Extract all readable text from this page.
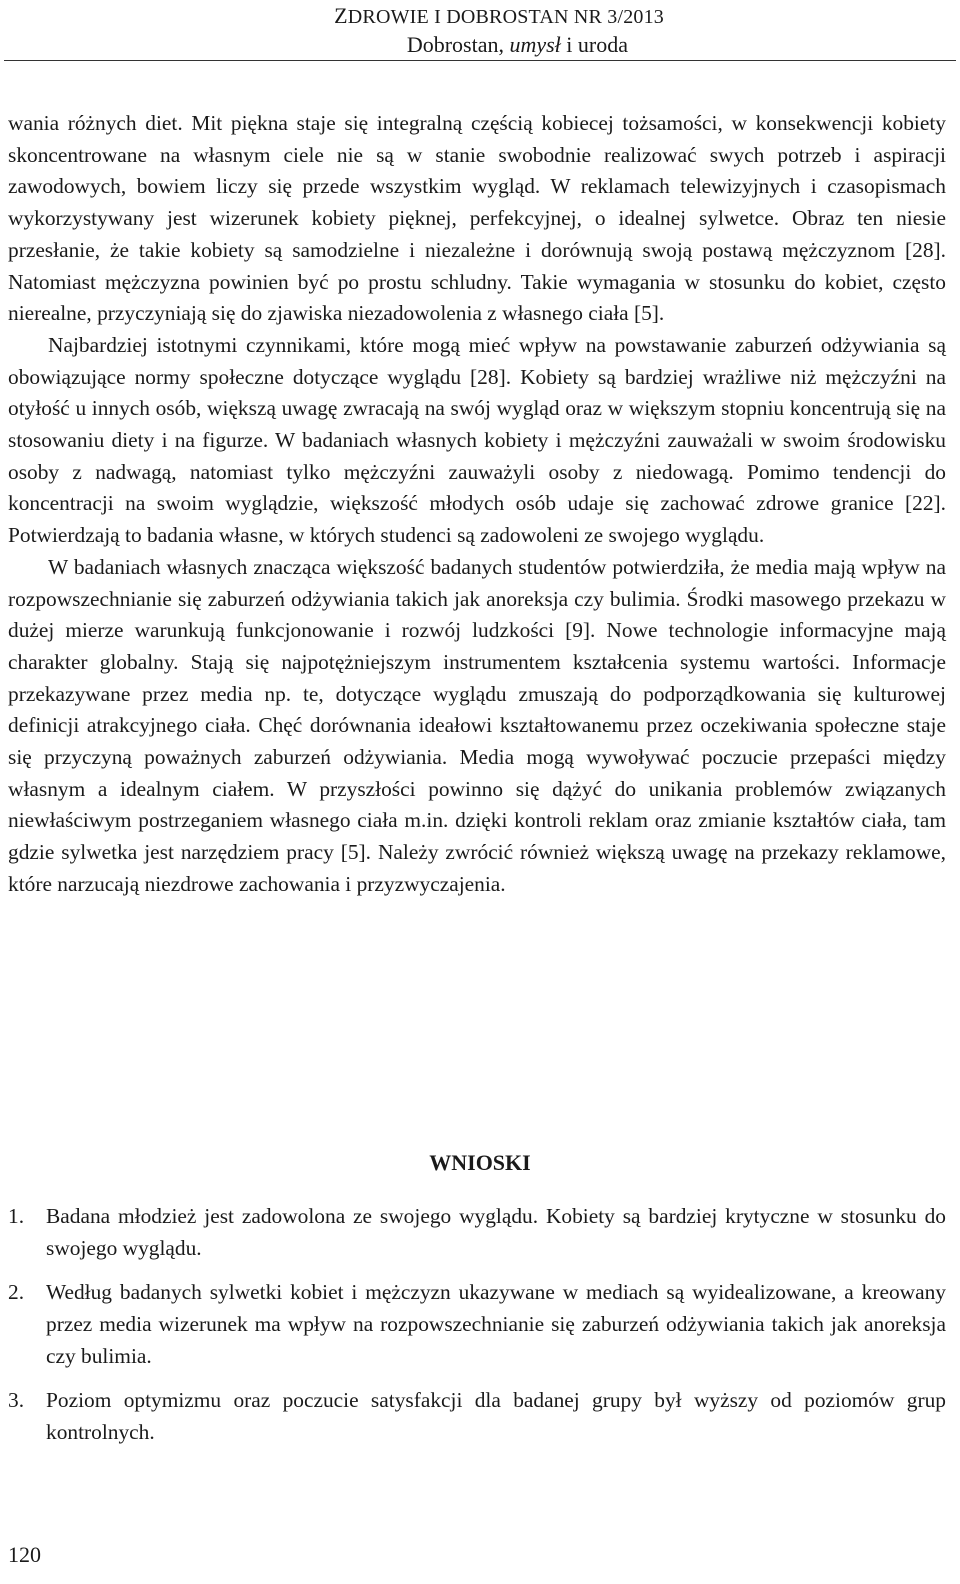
ZDROWIE I DOBROSTAN NR 3/2013
Dobrostan, umysł i uroda

wania różnych diet. Mit piękna staje się integralną częścią kobiecej tożsamości, w konsekwencji kobiety skoncentrowane na własnym ciele nie są w stanie swobodnie realizować swych potrzeb i aspiracji zawodowych, bowiem liczy się przede wszystkim wygląd. W reklamach telewizyjnych i czasopismach wykorzystywany jest wizerunek kobiety pięknej, perfekcyjnej, o idealnej sylwetce. Obraz ten niesie przesłanie, że takie kobiety są samodzielne i niezależne i dorównują swoją postawą mężczyznom [28]. Natomiast mężczyzna powinien być po prostu schludny. Takie wymagania w stosunku do kobiet, często nierealne, przyczyniają się do zjawiska niezadowolenia z własnego ciała [5].

Najbardziej istotnymi czynnikami, które mogą mieć wpływ na powstawanie zaburzeń odżywiania są obowiązujące normy społeczne dotyczące wyglądu [28]. Kobiety są bardziej wrażliwe niż mężczyźni na otyłość u innych osób, większą uwagę zwracają na swój wygląd oraz w większym stopniu koncentrują się na stosowaniu diety i na figurze. W badaniach własnych kobiety i mężczyźni zauważali w swoim środowisku osoby z nadwagą, natomiast tylko mężczyźni zauważyli osoby z niedowagą. Pomimo tendencji do koncentracji na swoim wyglądzie, większość młodych osób udaje się zachować zdrowe granice [22]. Potwierdzają to badania własne, w których studenci są zadowoleni ze swojego wyglądu.

W badaniach własnych znacząca większość badanych studentów potwierdziła, że media mają wpływ na rozpowszechnianie się zaburzeń odżywiania takich jak anoreksja czy bulimia. Środki masowego przekazu w dużej mierze warunkują funkcjonowanie i rozwój ludzkości [9]. Nowe technologie informacyjne mają charakter globalny. Stają się najpotężniejszym instrumentem kształcenia systemu wartości. Informacje przekazywane przez media np. te, dotyczące wyglądu zmuszają do podporządkowania się kulturowej definicji atrakcyjnego ciała. Chęć dorównania ideałowi kształtowanemu przez oczekiwania społeczne staje się przyczyną poważnych zaburzeń odżywiania. Media mogą wywoływać poczucie przepaści między własnym a idealnym ciałem. W przyszłości powinno się dążyć do unikania problemów związanych niewłaściwym postrzeganiem własnego ciała m.in. dzięki kontroli reklam oraz zmianie kształtów ciała, tam gdzie sylwetka jest narzędziem pracy [5]. Należy zwrócić również większą uwagę na przekazy reklamowe, które narzucają niezdrowe zachowania i przyzwyczajenia.

WNIOSKI
1. Badana młodzież jest zadowolona ze swojego wyglądu. Kobiety są bardziej krytyczne w stosunku do swojego wyglądu.
2. Według badanych sylwetki kobiet i mężczyzn ukazywane w mediach są wyidealizowane, a kreowany przez media wizerunek ma wpływ na rozpowszechnianie się zaburzeń odżywiania takich jak anoreksja czy bulimia.
3. Poziom optymizmu oraz poczucie satysfakcji dla badanej grupy był wyższy od poziomów grup kontrolnych.
120
